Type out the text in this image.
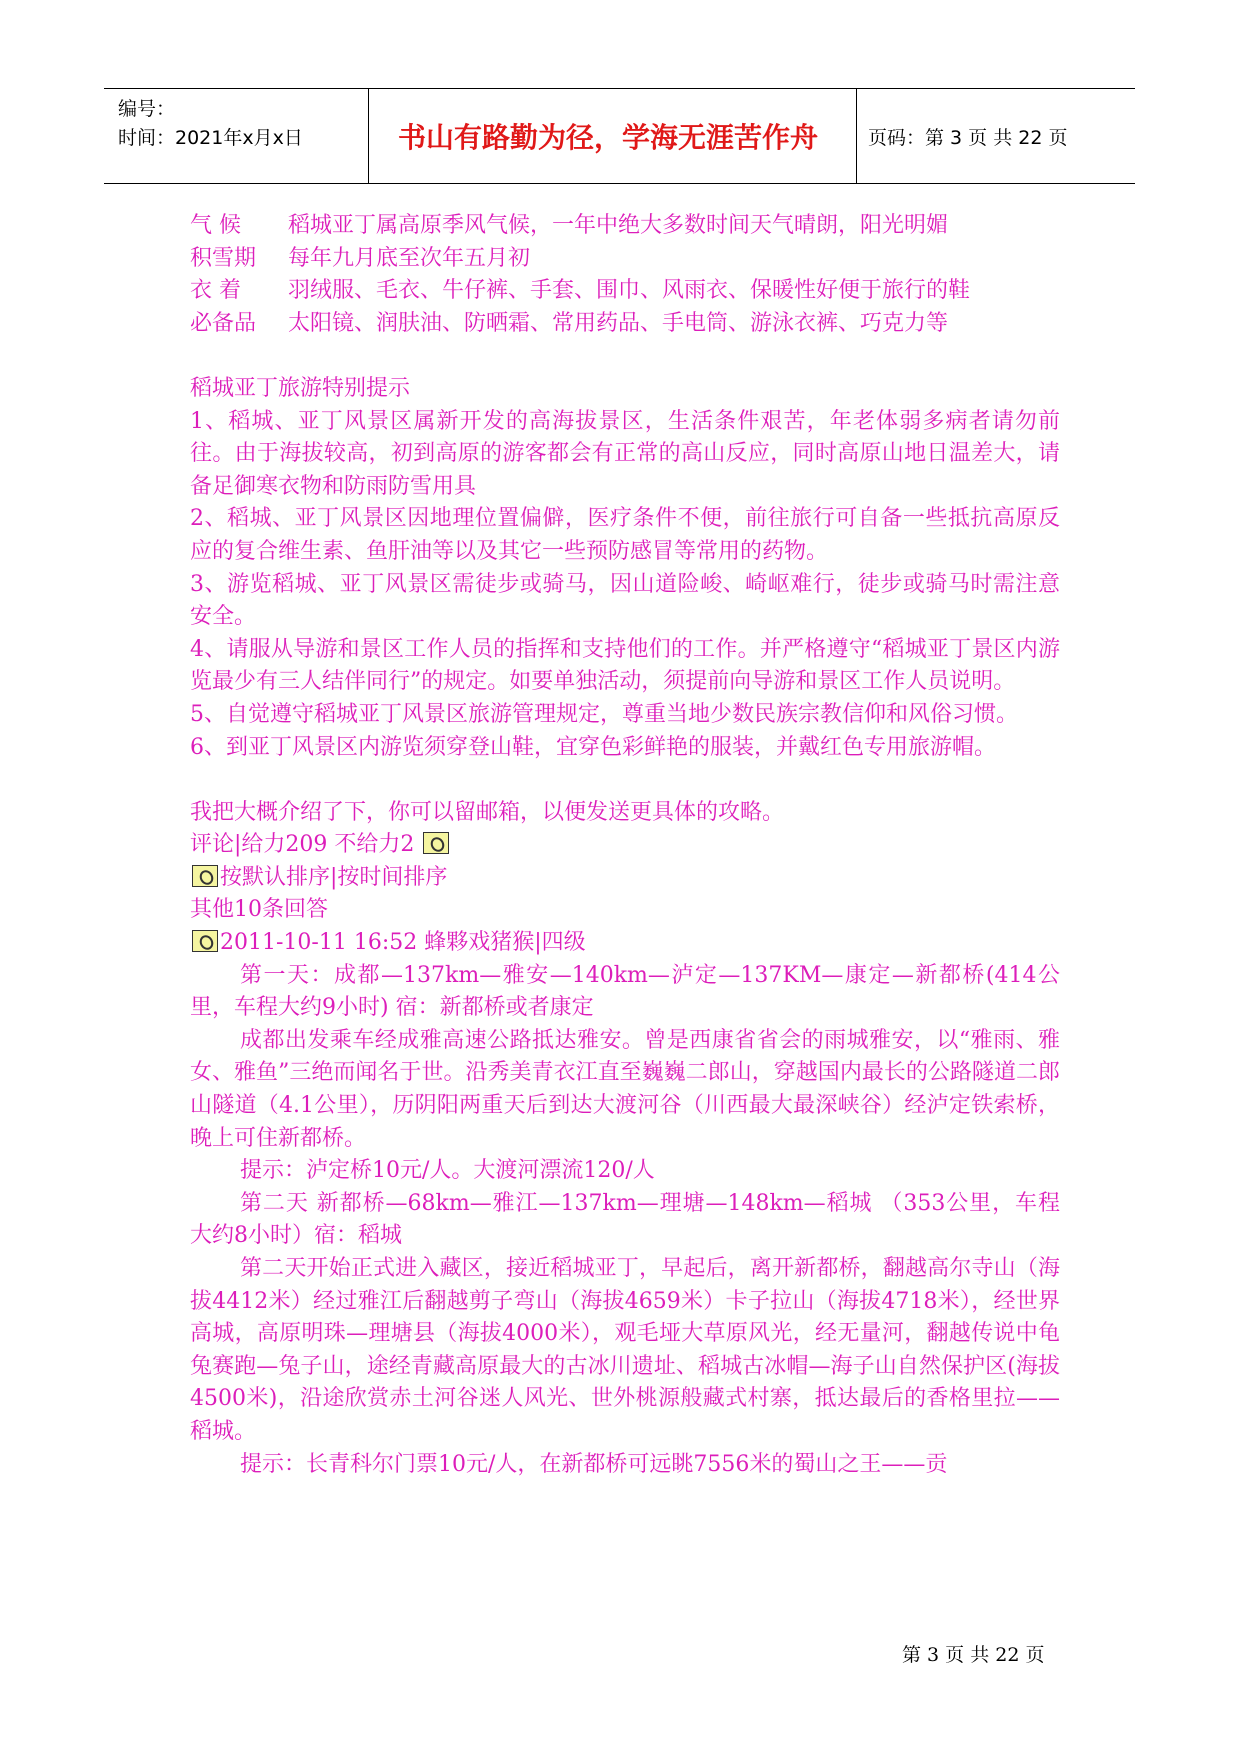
编号：
时间：2021年x月x日	书山有路勤为径，学海无涯苦作舟	页码：第 3 页 共 22 页

气 候	稻城亚丁属高原季风气候，一年中绝大多数时间天气晴朗，阳光明媚

积雪期	每年九月底至次年五月初

衣 着	羽绒服、毛衣、牛仔裤、手套、围巾、风雨衣、保暖性好便于旅行的鞋

必备品	太阳镜、润肤油、防晒霜、常用药品、手电筒、游泳衣裤、巧克力等

稻城亚丁旅游特别提示

1、稻城、亚丁风景区属新开发的高海拔景区，生活条件艰苦，年老体弱多病者请勿前往。由于海拔较高，初到高原的游客都会有正常的高山反应，同时高原山地日温差大，请备足御寒衣物和防雨防雪用具

2、稻城、亚丁风景区因地理位置偏僻，医疗条件不便，前往旅行可自备一些抵抗高原反应的复合维生素、鱼肝油等以及其它一些预防感冒等常用的药物。

3、游览稻城、亚丁风景区需徒步或骑马，因山道险峻、崎岖难行，徒步或骑马时需注意安全。

4、请服从导游和景区工作人员的指挥和支持他们的工作。并严格遵守“稻城亚丁景区内游览最少有三人结伴同行”的规定。如要单独活动，须提前向导游和景区工作人员说明。

5、自觉遵守稻城亚丁风景区旅游管理规定，尊重当地少数民族宗教信仰和风俗习惯。

6、到亚丁风景区内游览须穿登山鞋，宜穿色彩鲜艳的服装，并戴红色专用旅游帽。

我把大概介绍了下，你可以留邮箱，以便发送更具体的攻略。

评论|给力209 不给力2

按默认排序|按时间排序

其他10条回答

2011-10-11 16:52 蜂夥戏猪猴|四级

第一天：成都—137km—雅安—140km—泸定—137KM—康定—新都桥(414公里，车程大约9小时) 宿：新都桥或者康定

成都出发乘车经成雅高速公路抵达雅安。曾是西康省省会的雨城雅安，以“雅雨、雅女、雅鱼”三绝而闻名于世。沿秀美青衣江直至巍巍二郎山，穿越国内最长的公路隧道二郎山隧道（4.1公里），历阴阳两重天后到达大渡河谷（川西最大最深峡谷）经泸定铁索桥，晚上可住新都桥。

提示：泸定桥10元/人。大渡河漂流120/人

第二天 新都桥—68km—雅江—137km—理塘—148km—稻城 （353公里，车程大约8小时）宿：稻城

第二天开始正式进入藏区，接近稻城亚丁，早起后，离开新都桥，翻越高尔寺山（海拔4412米）经过雅江后翻越剪子弯山（海拔4659米）卡子拉山（海拔4718米），经世界高城，高原明珠—理塘县（海拔4000米），观毛垭大草原风光，经无量河，翻越传说中龟兔赛跑—兔子山，途经青藏高原最大的古冰川遗址、稻城古冰帽—海子山自然保护区(海拔4500米)，沿途欣赏赤土河谷迷人风光、世外桃源般藏式村寨，抵达最后的香格里拉——稻城。

提示：长青科尔门票10元/人，在新都桥可远眺7556米的蜀山之王——贡

第 3 页 共 22 页
